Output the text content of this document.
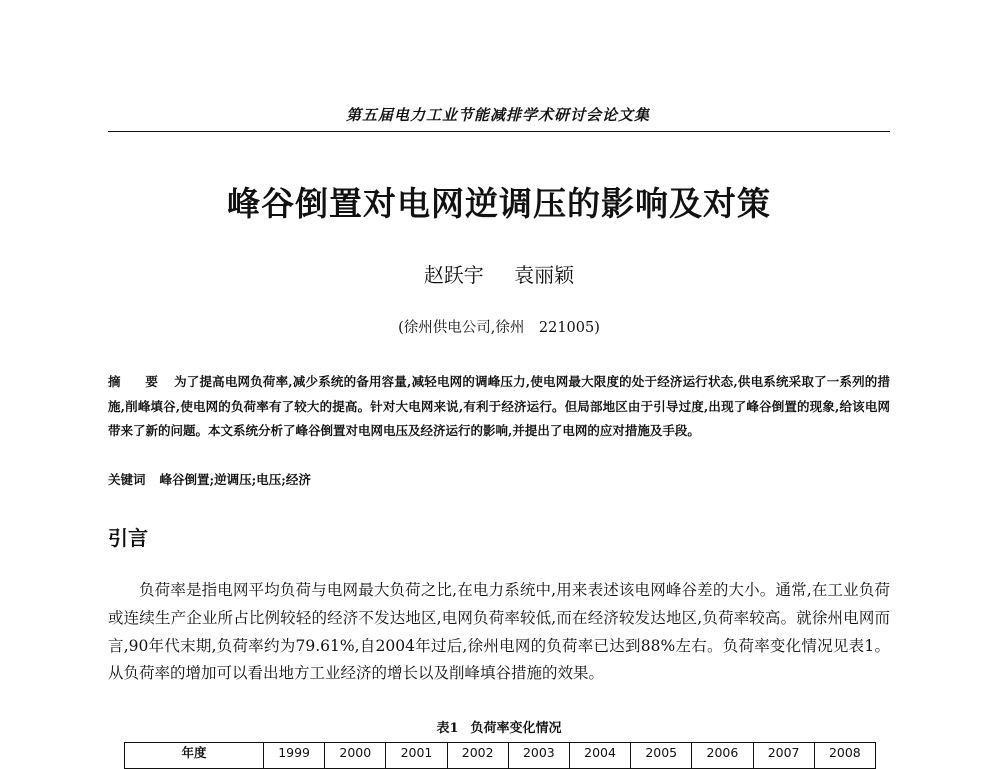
第五届电力工业节能减排学术研讨会论文集
峰谷倒置对电网逆调压的影响及对策
赵跃宇 袁丽颖
(徐州供电公司,徐州　221005)
摘　要 为了提高电网负荷率,减少系统的备用容量,减轻电网的调峰压力,使电网最大限度的处于经济运行状态,供电系统采取了一系列的措施,削峰填谷,使电网的负荷率有了较大的提高。针对大电网来说,有利于经济运行。但局部地区由于引导过度,出现了峰谷倒置的现象,给该电网带来了新的问题。本文系统分析了峰谷倒置对电网电压及经济运行的影响,并提出了电网的应对措施及手段。
关键词 峰谷倒置;逆调压;电压;经济
引言

负荷率是指电网平均负荷与电网最大负荷之比,在电力系统中,用来表述该电网峰谷差的大小。通常,在工业负荷或连续生产企业所占比例较轻的经济不发达地区,电网负荷率较低,而在经济较发达地区,负荷率较高。就徐州电网而言,90年代末期,负荷率约为79.61%,自2004年过后,徐州电网的负荷率已达到88%左右。负荷率变化情况见表1。从负荷率的增加可以看出地方工业经济的增长以及削峰填谷措施的效果。

表1 负荷率变化情况
年度	1999	2000	2001	2002	2003	2004	2005	2006	2007	2008
